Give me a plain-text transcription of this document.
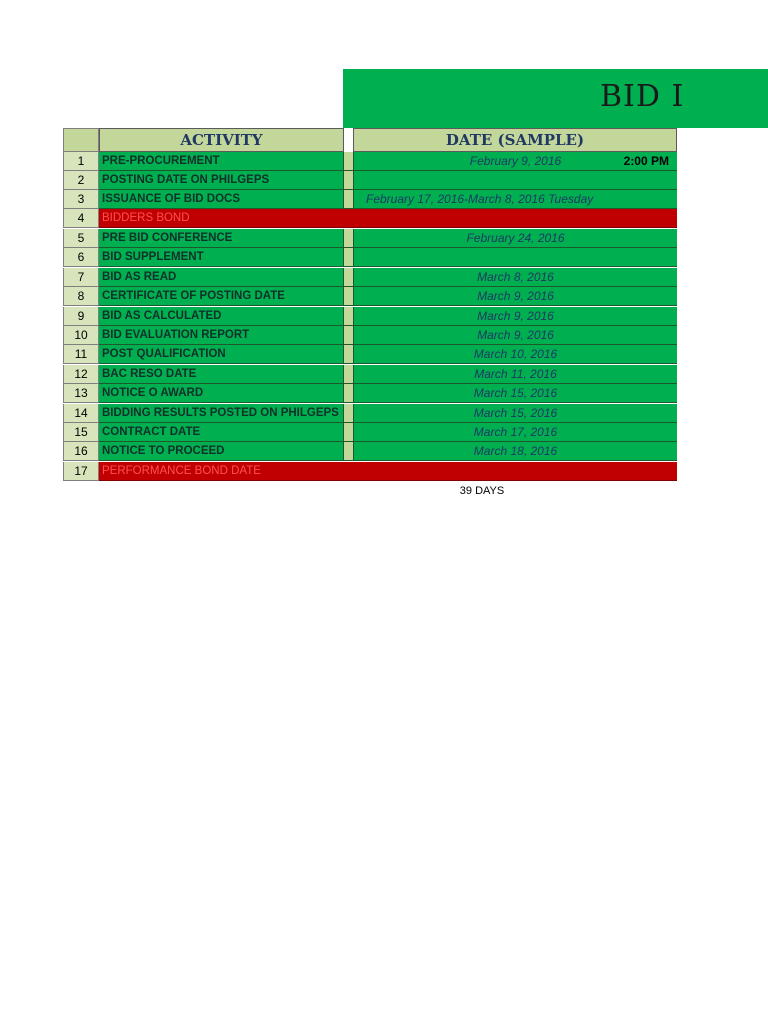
BID I
ACTIVITY	DATE (SAMPLE)
1	PRE-PROCUREMENT	February 9, 2016	2:00 PM
2	POSTING DATE ON PHILGEPS
3	ISSUANCE OF BID DOCS	February 17, 2016-March 8, 2016 Tuesday
4	BIDDERS BOND
5	PRE BID CONFERENCE	February 24, 2016
6	BID SUPPLEMENT
7	BID AS READ	March 8, 2016
8	CERTIFICATE OF POSTING DATE	March 9, 2016
9	BID AS CALCULATED	March 9, 2016
10	BID EVALUATION REPORT	March 9, 2016
11	POST QUALIFICATION	March 10, 2016
12	BAC RESO DATE	March 11, 2016
13	NOTICE O AWARD	March 15, 2016
14	BIDDING RESULTS POSTED ON PHILGEPS	March 15, 2016
15	CONTRACT DATE	March 17, 2016
16	NOTICE TO PROCEED	March 18, 2016
17	PERFORMANCE BOND DATE
39 DAYS
